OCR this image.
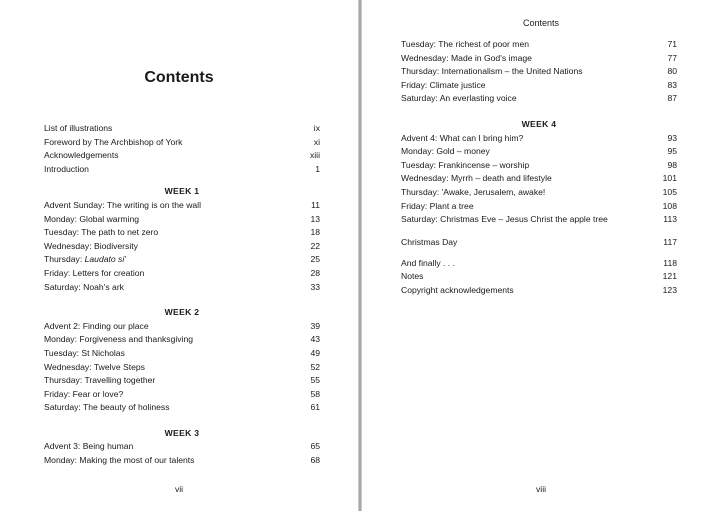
Contents
List of illustrations	ix
Foreword by The Archbishop of York	xi
Acknowledgements	xiii
Introduction	1
WEEK 1
Advent Sunday: The writing is on the wall	11
Monday: Global warming	13
Tuesday: The path to net zero	18
Wednesday: Biodiversity	22
Thursday: Laudato si'	25
Friday: Letters for creation	28
Saturday: Noah's ark	33
WEEK 2
Advent 2: Finding our place	39
Monday: Forgiveness and thanksgiving	43
Tuesday: St Nicholas	49
Wednesday: Twelve Steps	52
Thursday: Travelling together	55
Friday: Fear or love?	58
Saturday: The beauty of holiness	61
WEEK 3
Advent 3: Being human	65
Monday: Making the most of our talents	68
vii
Contents
Tuesday: The richest of poor men	71
Wednesday: Made in God's image	77
Thursday: Internationalism – the United Nations	80
Friday: Climate justice	83
Saturday: An everlasting voice	87
WEEK 4
Advent 4: What can I bring him?	93
Monday: Gold – money	95
Tuesday: Frankincense – worship	98
Wednesday: Myrrh – death and lifestyle	101
Thursday: 'Awake, Jerusalem, awake!	105
Friday: Plant a tree	108
Saturday: Christmas Eve – Jesus Christ the apple tree	113
Christmas Day	117
And finally . . .	118
Notes	121
Copyright acknowledgements	123
viii
